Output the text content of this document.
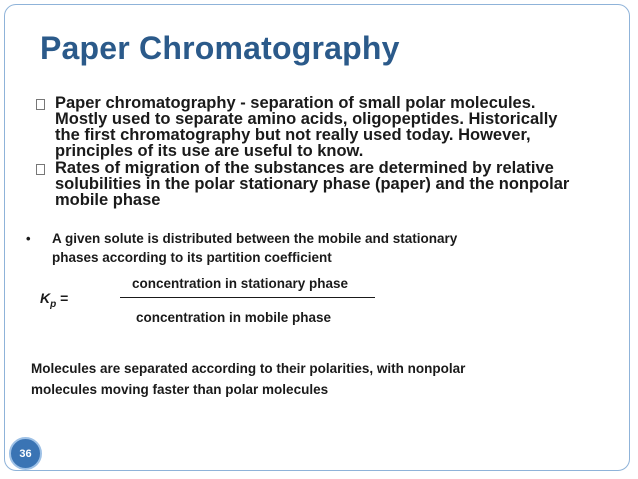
Paper Chromatography
Paper chromatography - separation of small polar molecules.
Mostly used to separate amino acids, oligopeptides. Historically
the first chromatography but not really used today. However,
principles of its use are useful to know.
Rates of migration of the substances are determined by relative
solubilities in the polar stationary phase (paper) and the nonpolar
mobile phase
•	A given solute is distributed between the mobile and stationary
phases according to its partition coefficient
$K_p$ =
concentration in stationary phase
concentration in mobile phase
Molecules are separated according to their polarities, with nonpolar
molecules moving faster than polar molecules
36
